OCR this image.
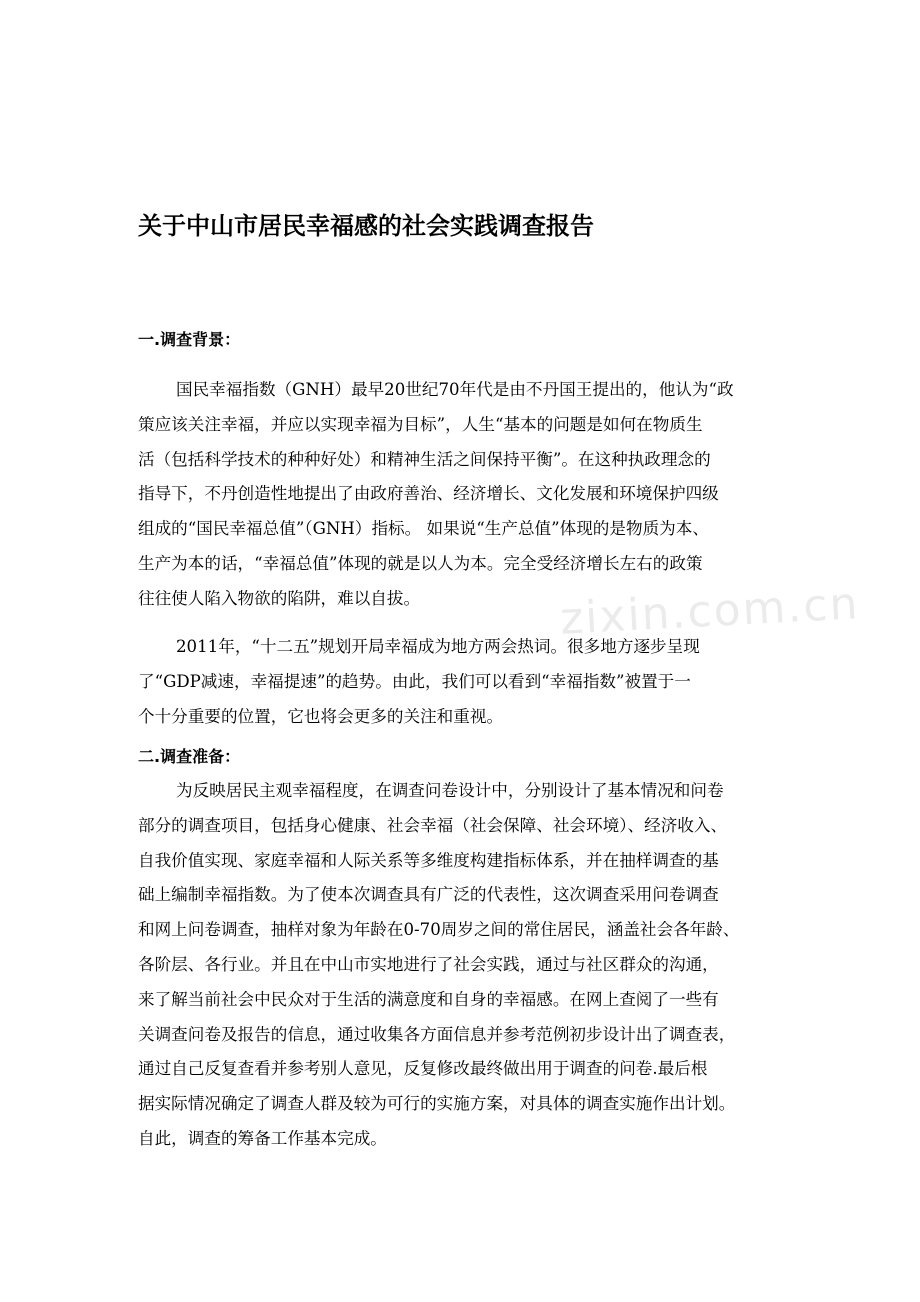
zixin.com.cn
关于中山市居民幸福感的社会实践调查报告
一.调查背景：

国民幸福指数（GNH）最早20世纪70年代是由不丹国王提出的，他认为“政
策应该关注幸福，并应以实现幸福为目标”，人生“基本的问题是如何在物质生
活（包括科学技术的种种好处）和精神生活之间保持平衡”。在这种执政理念的
指导下，不丹创造性地提出了由政府善治、经济增长、文化发展和环境保护四级
组成的“国民幸福总值”（GNH）指标。 如果说“生产总值”体现的是物质为本、
生产为本的话，“幸福总值”体现的就是以人为本。完全受经济增长左右的政策
往往使人陷入物欲的陷阱，难以自拔。

2011年，“十二五”规划开局幸福成为地方两会热词。很多地方逐步呈现
了“GDP减速，幸福提速”的趋势。由此，我们可以看到“幸福指数”被置于一
个十分重要的位置，它也将会更多的关注和重视。

二.调查准备：

为反映居民主观幸福程度，在调查问卷设计中，分别设计了基本情况和问卷
部分的调查项目，包括身心健康、社会幸福（社会保障、社会环境）、经济收入、
自我价值实现、家庭幸福和人际关系等多维度构建指标体系，并在抽样调查的基
础上编制幸福指数。为了使本次调查具有广泛的代表性，这次调查采用问卷调查
和网上问卷调查，抽样对象为年龄在0-70周岁之间的常住居民，涵盖社会各年龄、
各阶层、各行业。并且在中山市实地进行了社会实践，通过与社区群众的沟通，
来了解当前社会中民众对于生活的满意度和自身的幸福感。在网上查阅了一些有
关调查问卷及报告的信息，通过收集各方面信息并参考范例初步设计出了调查表，
通过自己反复查看并参考别人意见，反复修改最终做出用于调查的问卷.最后根
据实际情况确定了调查人群及较为可行的实施方案，对具体的调查实施作出计划。
自此，调查的筹备工作基本完成。
